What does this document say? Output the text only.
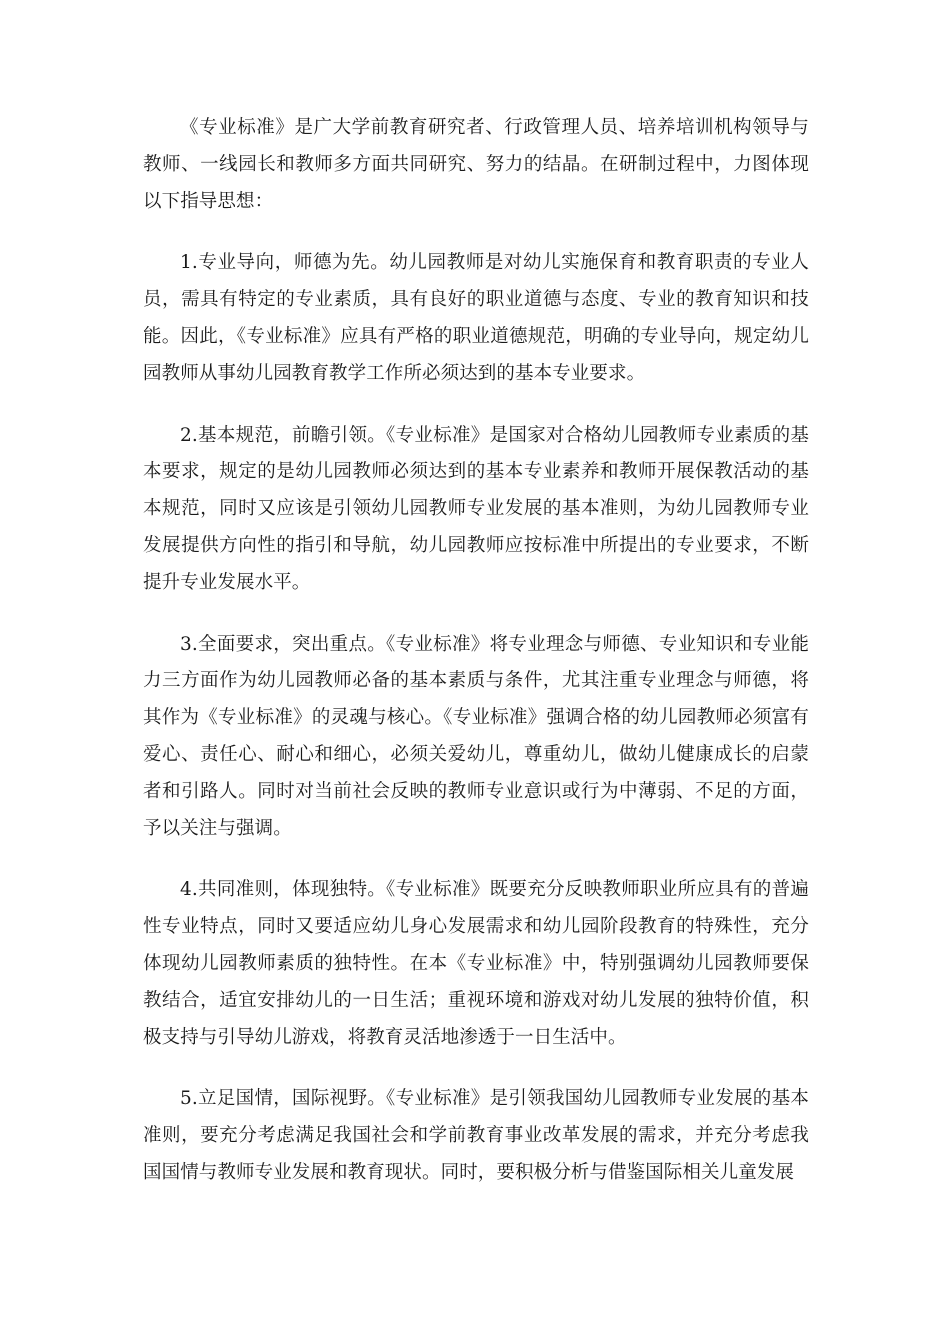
《专业标准》是广大学前教育研究者、行政管理人员、培养培训机构领导与教师、一线园长和教师多方面共同研究、努力的结晶。在研制过程中，力图体现以下指导思想：

1.专业导向，师德为先。幼儿园教师是对幼儿实施保育和教育职责的专业人员，需具有特定的专业素质，具有良好的职业道德与态度、专业的教育知识和技能。因此，《专业标准》应具有严格的职业道德规范，明确的专业导向，规定幼儿园教师从事幼儿园教育教学工作所必须达到的基本专业要求。

2.基本规范，前瞻引领。《专业标准》是国家对合格幼儿园教师专业素质的基本要求，规定的是幼儿园教师必须达到的基本专业素养和教师开展保教活动的基本规范，同时又应该是引领幼儿园教师专业发展的基本准则，为幼儿园教师专业发展提供方向性的指引和导航，幼儿园教师应按标准中所提出的专业要求，不断提升专业发展水平。

3.全面要求，突出重点。《专业标准》将专业理念与师德、专业知识和专业能力三方面作为幼儿园教师必备的基本素质与条件，尤其注重专业理念与师德，将其作为《专业标准》的灵魂与核心。《专业标准》强调合格的幼儿园教师必须富有爱心、责任心、耐心和细心，必须关爱幼儿，尊重幼儿，做幼儿健康成长的启蒙者和引路人。同时对当前社会反映的教师专业意识或行为中薄弱、不足的方面，予以关注与强调。

4.共同准则，体现独特。《专业标准》既要充分反映教师职业所应具有的普遍性专业特点，同时又要适应幼儿身心发展需求和幼儿园阶段教育的特殊性，充分体现幼儿园教师素质的独特性。在本《专业标准》中，特别强调幼儿园教师要保教结合，适宜安排幼儿的一日生活；重视环境和游戏对幼儿发展的独特价值，积极支持与引导幼儿游戏，将教育灵活地渗透于一日生活中。

5.立足国情，国际视野。《专业标准》是引领我国幼儿园教师专业发展的基本准则，要充分考虑满足我国社会和学前教育事业改革发展的需求，并充分考虑我国国情与教师专业发展和教育现状。同时，要积极分析与借鉴国际相关儿童发展
